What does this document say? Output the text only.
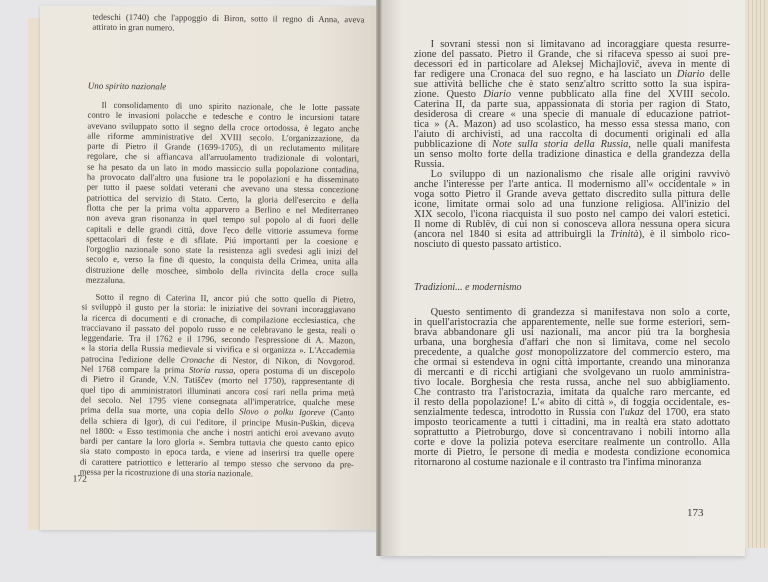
tedeschi (1740) che l'appoggio di Biron, sotto il regno di Anna, aveva
attirato in gran numero.
Uno spirito nazionale
Il consolidamento di uno spirito nazionale, che le lotte passate
contro le invasioni polacche e tedesche e contro le incursioni tatare
avevano sviluppato sotto il segno della croce ortodossa, è legato anche
alle riforme amministrative del XVIII secolo. L'organizzazione, da
parte di Pietro il Grande (1699-1705), di un reclutamento militare
regolare, che si affiancava all'arruolamento tradizionale di volontari,
se ha pesato da un lato in modo massiccio sulla popolazione contadina,
ha provocato dall'altro una fusione tra le popolazioni e ha disseminato
per tutto il paese soldati veterani che avevano una stessa concezione
patriottica del servizio di Stato. Certo, la gloria dell'esercito e della
flotta che per la prima volta apparvero a Berlino e nel Mediterraneo
non aveva gran risonanza in quel tempo sul popolo al di fuori delle
capitali e delle grandi città, dove l'eco delle vittorie assumeva forme
spettacolari di feste e di sfilate. Piú importanti per la coesione e
l'orgoglio nazionale sono state la resistenza agli svedesi agli inizi del
secolo e, verso la fine di questo, la conquista della Crimea, unita alla
distruzione delle moschee, simbolo della rivincita della croce sulla
mezzaluna.
Sotto il regno di Caterina II, ancor piú che sotto quello di Pietro,
si sviluppò il gusto per la storia: le iniziative dei sovrani incoraggiavano
la ricerca di documenti e di cronache, di compilazione ecclesiastica, che
tracciavano il passato del popolo russo e ne celebravano le gesta, reali o
leggendarie. Tra il 1762 e il 1796, secondo l'espressione di A. Mazon,
« la storia della Russia medievale si vivifica e si organizza ». L'Accademia
patrocina l'edizione delle Cronache di Nestor, di Nikon, di Novgorod.
Nel 1768 compare la prima Storia russa, opera postuma di un discepolo
di Pietro il Grande, V.N. Tatiščev (morto nel 1750), rappresentante di
quel tipo di amministratori illuminati ancora cosí rari nella prima metà
del secolo. Nel 1795 viene consegnata all'imperatrice, qualche mese
prima della sua morte, una copia dello Slovo o polku Igoreve (Canto
della schiera di Igor), di cui l'editore, il principe Musin-Puškin, diceva
nel 1800: « Esso testimonia che anche i nostri antichi eroi avevano avuto
bardi per cantare la loro gloria ». Sembra tuttavia che questo canto epico
sia stato composto in epoca tarda, e viene ad inserirsi tra quelle opere
di carattere patriottico e letterario al tempo stesso che servono da pre-
messa per la ricostruzione di una storia nazionale.
172
I sovrani stessi non si limitavano ad incoraggiare questa resurre-
zione del passato. Pietro il Grande, che si rifaceva spesso ai suoi pre-
decessori ed in particolare ad Aleksej Michajlovič, aveva in mente di
far redigere una Cronaca del suo regno, e ha lasciato un Diario delle
sue attività belliche che è stato senz'altro scritto sotto la sua ispira-
zione. Questo Diario venne pubblicato alla fine del XVIII secolo.
Caterina II, da parte sua, appassionata di storia per ragion di Stato,
desiderosa di creare « una specie di manuale di educazione patriot-
tica » (A. Mazon) ad uso scolastico, ha messo essa stessa mano, con
l'aiuto di archivisti, ad una raccolta di documenti originali ed alla
pubblicazione di Note sulla storia della Russia, nelle quali manifesta
un senso molto forte della tradizione dinastica e della grandezza della
Russia.
Lo sviluppo di un nazionalismo che risale alle origini ravvivò
anche l'interesse per l'arte antica. Il modernismo all'« occidentale » in
voga sotto Pietro il Grande aveva gettato discredito sulla pittura delle
icone, limitate ormai solo ad una funzione religiosa. All'inizio del
XIX secolo, l'icona riacquista il suo posto nel campo dei valori estetici.
Il nome di Rublëv, di cui non si conosceva allora nessuna opera sicura
(ancora nel 1840 si esita ad attribuirgli la Trinità), è il simbolo rico-
nosciuto di questo passato artistico.
Tradizioni... e modernismo
Questo sentimento di grandezza si manifestava non solo a corte,
in quell'aristocrazia che apparentemente, nelle sue forme esteriori, sem-
brava abbandonare gli usi nazionali, ma ancor piú tra la borghesia
urbana, una borghesia d'affari che non si limitava, come nel secolo
precedente, a qualche gost monopolizzatore del commercio estero, ma
che ormai si estendeva in ogni città importante, creando una minoranza
di mercanti e di ricchi artigiani che svolgevano un ruolo amministra-
tivo locale. Borghesia che resta russa, anche nel suo abbigliamento.
Che contrasto tra l'aristocrazia, imitata da qualche raro mercante, ed
il resto della popolazione! L'« abito di città », di foggia occidentale, es-
senzialmente tedesca, introdotto in Russia con l'ukaz del 1700, era stato
imposto teoricamente a tutti i cittadini, ma in realtà era stato adottato
soprattutto a Pietroburgo, dove si concentravano i nobili intorno alla
corte e dove la polizia poteva esercitare realmente un controllo. Alla
morte di Pietro, le persone di media e modesta condizione economica
ritornarono al costume nazionale e il contrasto tra l'infima minoranza
173
